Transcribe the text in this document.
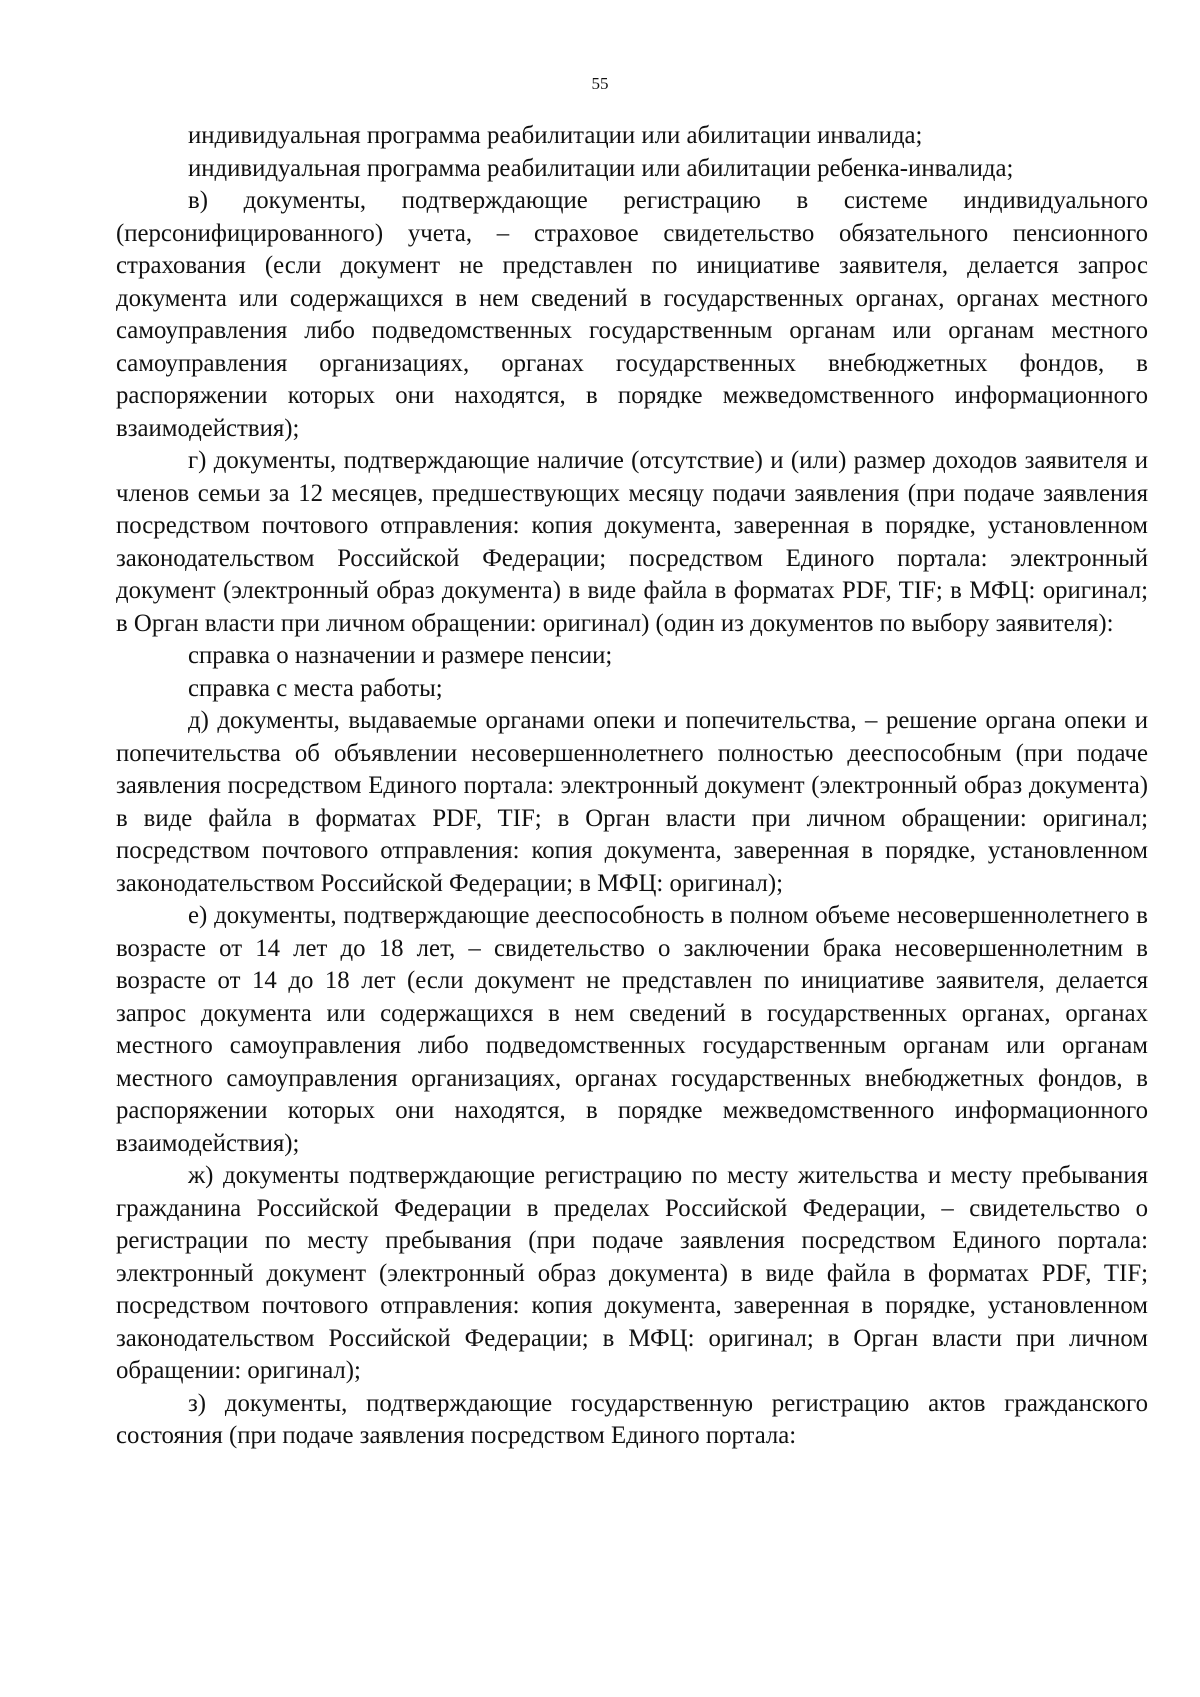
55

индивидуальная программа реабилитации или абилитации инвалида;

индивидуальная программа реабилитации или абилитации ребенка-инвалида;

в) документы, подтверждающие регистрацию в системе индивидуального (персонифицированного) учета, – страховое свидетельство обязательного пенсионного страхования (если документ не представлен по инициативе заявителя, делается запрос документа или содержащихся в нем сведений в государственных органах, органах местного самоуправления либо подведомственных государственным органам или органам местного самоуправления организациях, органах государственных внебюджетных фондов, в распоряжении которых они находятся, в порядке межведомственного информационного взаимодействия);

г) документы, подтверждающие наличие (отсутствие) и (или) размер доходов заявителя и членов семьи за 12 месяцев, предшествующих месяцу подачи заявления (при подаче заявления посредством почтового отправления: копия документа, заверенная в порядке, установленном законодательством Российской Федерации; посредством Единого портала: электронный документ (электронный образ документа) в виде файла в форматах PDF, TIF; в МФЦ: оригинал; в Орган власти при личном обращении: оригинал) (один из документов по выбору заявителя):

справка о назначении и размере пенсии;

справка с места работы;

д) документы, выдаваемые органами опеки и попечительства, – решение органа опеки и попечительства об объявлении несовершеннолетнего полностью дееспособным (при подаче заявления посредством Единого портала: электронный документ (электронный образ документа) в виде файла в форматах PDF, TIF; в Орган власти при личном обращении: оригинал; посредством почтового отправления: копия документа, заверенная в порядке, установленном законодательством Российской Федерации; в МФЦ: оригинал);

е) документы, подтверждающие дееспособность в полном объеме несовершеннолетнего в возрасте от 14 лет до 18 лет, – свидетельство о заключении брака несовершеннолетним в возрасте от 14 до 18 лет (если документ не представлен по инициативе заявителя, делается запрос документа или содержащихся в нем сведений в государственных органах, органах местного самоуправления либо подведомственных государственным органам или органам местного самоуправления организациях, органах государственных внебюджетных фондов, в распоряжении которых они находятся, в порядке межведомственного информационного взаимодействия);

ж) документы подтверждающие регистрацию по месту жительства и месту пребывания гражданина Российской Федерации в пределах Российской Федерации, – свидетельство о регистрации по месту пребывания (при подаче заявления посредством Единого портала: электронный документ (электронный образ документа) в виде файла в форматах PDF, TIF; посредством почтового отправления: копия документа, заверенная в порядке, установленном законодательством Российской Федерации; в МФЦ: оригинал; в Орган власти при личном обращении: оригинал);

з) документы, подтверждающие государственную регистрацию актов гражданского состояния (при подаче заявления посредством Единого портала:
